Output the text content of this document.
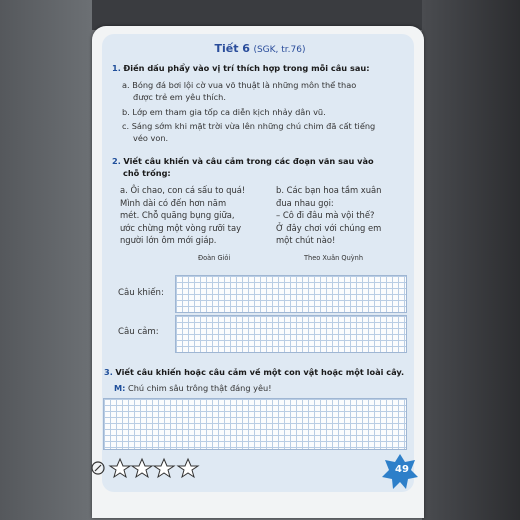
Tiết 6 (SGK, tr.76)
1. Điền dấu phẩy vào vị trí thích hợp trong mỗi câu sau:
a. Bóng đá bơi lội cờ vua võ thuật là những môn thể thao
được trẻ em yêu thích.
b. Lớp em tham gia tốp ca diễn kịch nhảy dân vũ.
c. Sáng sớm khi mặt trời vừa lên những chú chim đã cất tiếng
véo von.
2. Viết câu khiến và câu cảm trong các đoạn văn sau vào
chỗ trống:
a. Ôi chao, con cá sấu to quá!
Mình dài có đến hơn năm
mét. Chỗ quãng bụng giữa,
ước chừng một vòng rưỡi tay
người lớn ôm mới giáp.
Đoàn Giỏi
b. Các bạn hoa tầm xuân
đua nhau gọi:
– Cô đi đâu mà vội thế?
Ở đây chơi với chúng em
một chút nào!
Theo Xuân Quỳnh
Câu khiến:
Câu cảm:
3. Viết câu khiến hoặc câu cảm về một con vật hoặc một loài cây.
M: Chú chim sâu trông thật đáng yêu!
49
